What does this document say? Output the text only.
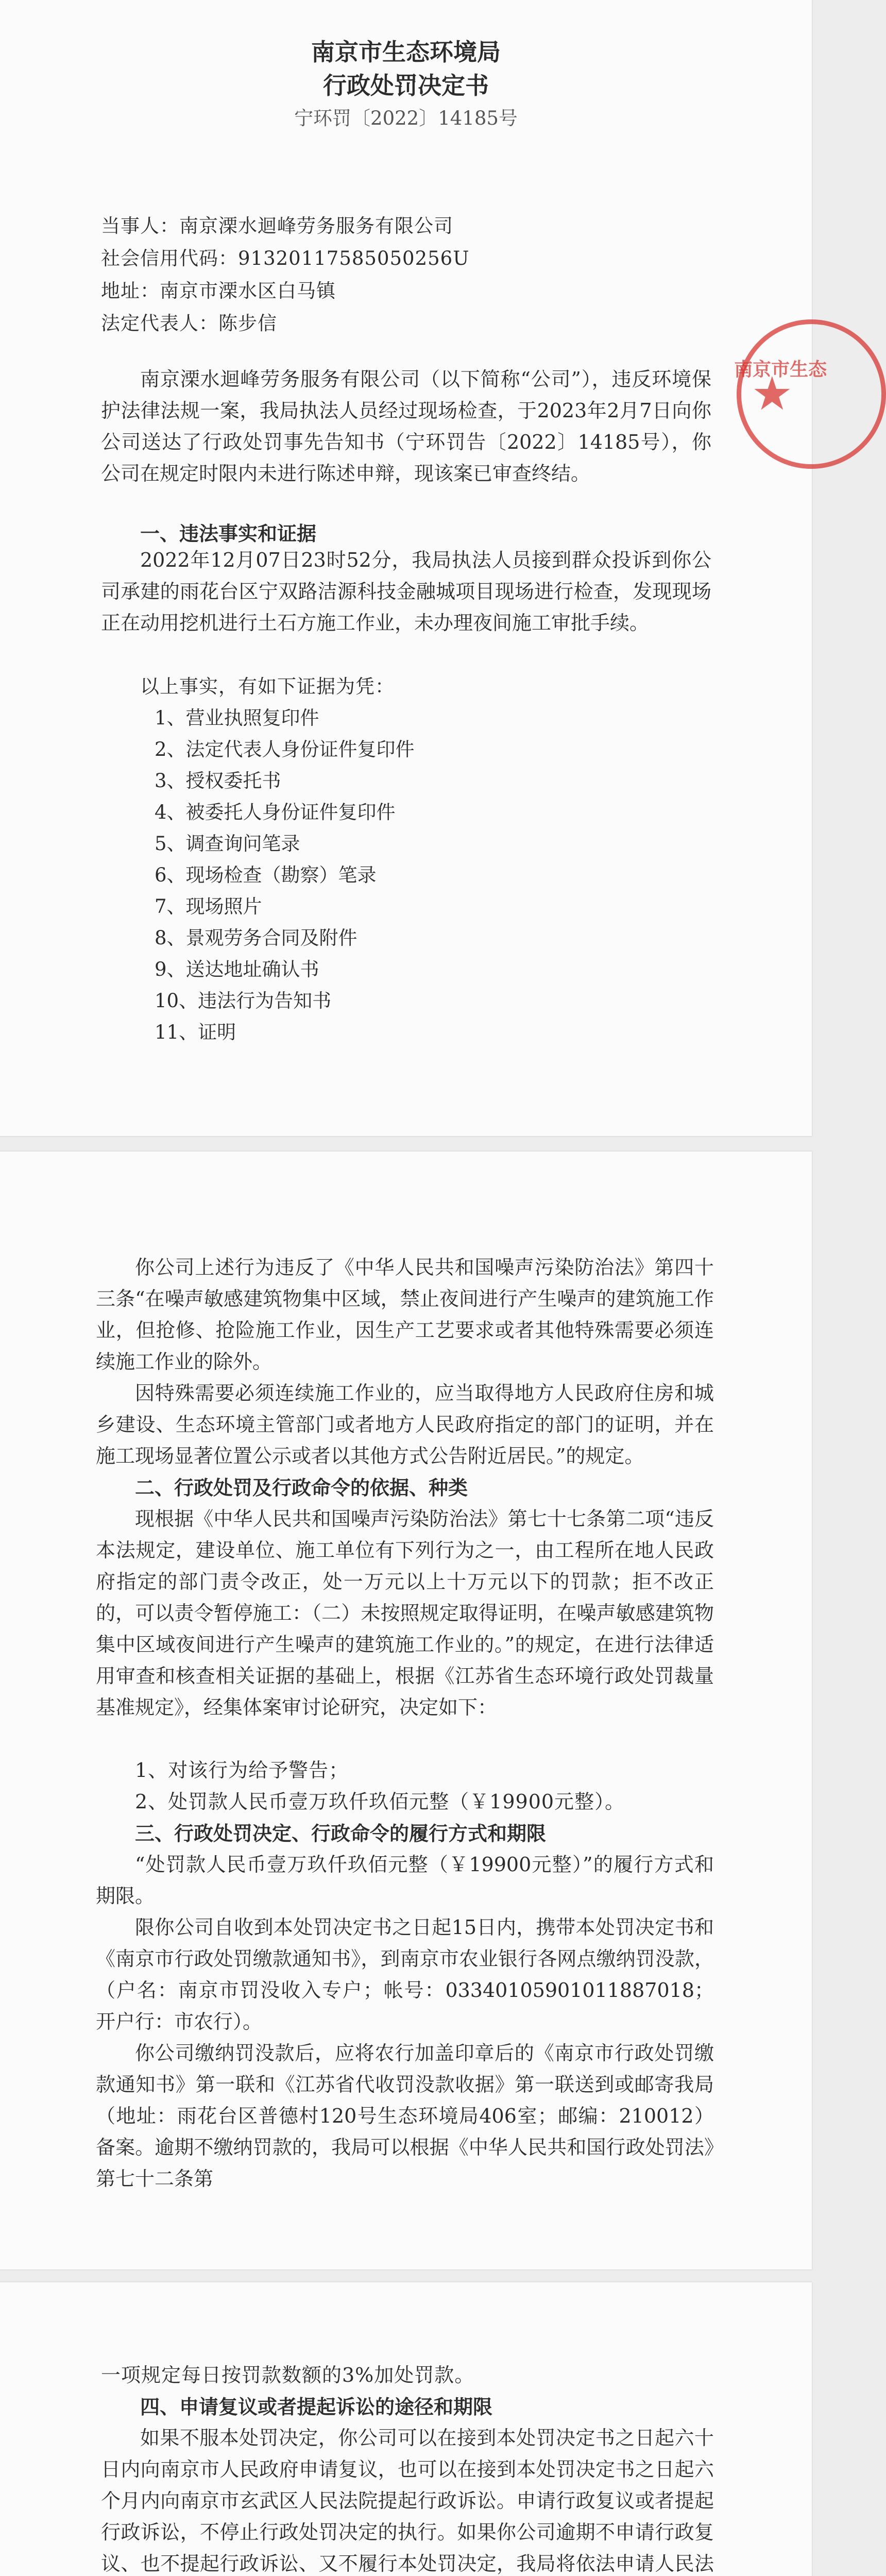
南京市生态环境局
行政处罚决定书
宁环罚〔2022〕14185号
当事人：南京溧水迴峰劳务服务有限公司
社会信用代码：91320117585050256U
地址：南京市溧水区白马镇
法定代表人：陈步信

南京溧水迴峰劳务服务有限公司（以下简称“公司”），违反环境保护法律法规一案，我局执法人员经过现场检查，于2023年2月7日向你公司送达了行政处罚事先告知书（宁环罚告〔2022〕14185号），你公司在规定时限内未进行陈述申辩，现该案已审查终结。

一、违法事实和证据

2022年12月07日23时52分，我局执法人员接到群众投诉到你公司承建的雨花台区宁双路洁源科技金融城项目现场进行检查，发现现场正在动用挖机进行土石方施工作业，未办理夜间施工审批手续。

以上事实，有如下证据为凭：
1、营业执照复印件
2、法定代表人身份证件复印件
3、授权委托书
4、被委托人身份证件复印件
5、调查询问笔录
6、现场检查（勘察）笔录
7、现场照片
8、景观劳务合同及附件
9、送达地址确认书
10、违法行为告知书
11、证明
南京市生态
★

你公司上述行为违反了《中华人民共和国噪声污染防治法》第四十三条“在噪声敏感建筑物集中区域，禁止夜间进行产生噪声的建筑施工作业，但抢修、抢险施工作业，因生产工艺要求或者其他特殊需要必须连续施工作业的除外。

因特殊需要必须连续施工作业的，应当取得地方人民政府住房和城乡建设、生态环境主管部门或者地方人民政府指定的部门的证明，并在施工现场显著位置公示或者以其他方式公告附近居民。”的规定。

二、行政处罚及行政命令的依据、种类

现根据《中华人民共和国噪声污染防治法》第七十七条第二项“违反本法规定，建设单位、施工单位有下列行为之一，由工程所在地人民政府指定的部门责令改正，处一万元以上十万元以下的罚款；拒不改正的，可以责令暂停施工：（二）未按照规定取得证明，在噪声敏感建筑物集中区域夜间进行产生噪声的建筑施工作业的。”的规定，在进行法律适用审查和核查相关证据的基础上，根据《江苏省生态环境行政处罚裁量基准规定》，经集体案审讨论研究，决定如下：

1、对该行为给予警告；
2、处罚款人民币壹万玖仟玖佰元整（￥19900元整）。
三、行政处罚决定、行政命令的履行方式和期限

“处罚款人民币壹万玖仟玖佰元整（￥19900元整）”的履行方式和期限。

限你公司自收到本处罚决定书之日起15日内，携带本处罚决定书和《南京市行政处罚缴款通知书》，到南京市农业银行各网点缴纳罚没款，（户名：南京市罚没收入专户；帐号：03340105901011887018；开户行：市农行）。

你公司缴纳罚没款后，应将农行加盖印章后的《南京市行政处罚缴款通知书》第一联和《江苏省代收罚没款收据》第一联送到或邮寄我局（地址：雨花台区普德村120号生态环境局406室；邮编：210012）备案。逾期不缴纳罚款的，我局可以根据《中华人民共和国行政处罚法》第七十二条第

一项规定每日按罚款数额的3%加处罚款。
四、申请复议或者提起诉讼的途径和期限

如果不服本处罚决定，你公司可以在接到本处罚决定书之日起六十日内向南京市人民政府申请复议，也可以在接到本处罚决定书之日起六个月内向南京市玄武区人民法院提起行政诉讼。申请行政复议或者提起行政诉讼，不停止行政处罚决定的执行。如果你公司逾期不申请行政复议、也不提起行政诉讼、又不履行本处罚决定，我局将依法申请人民法
